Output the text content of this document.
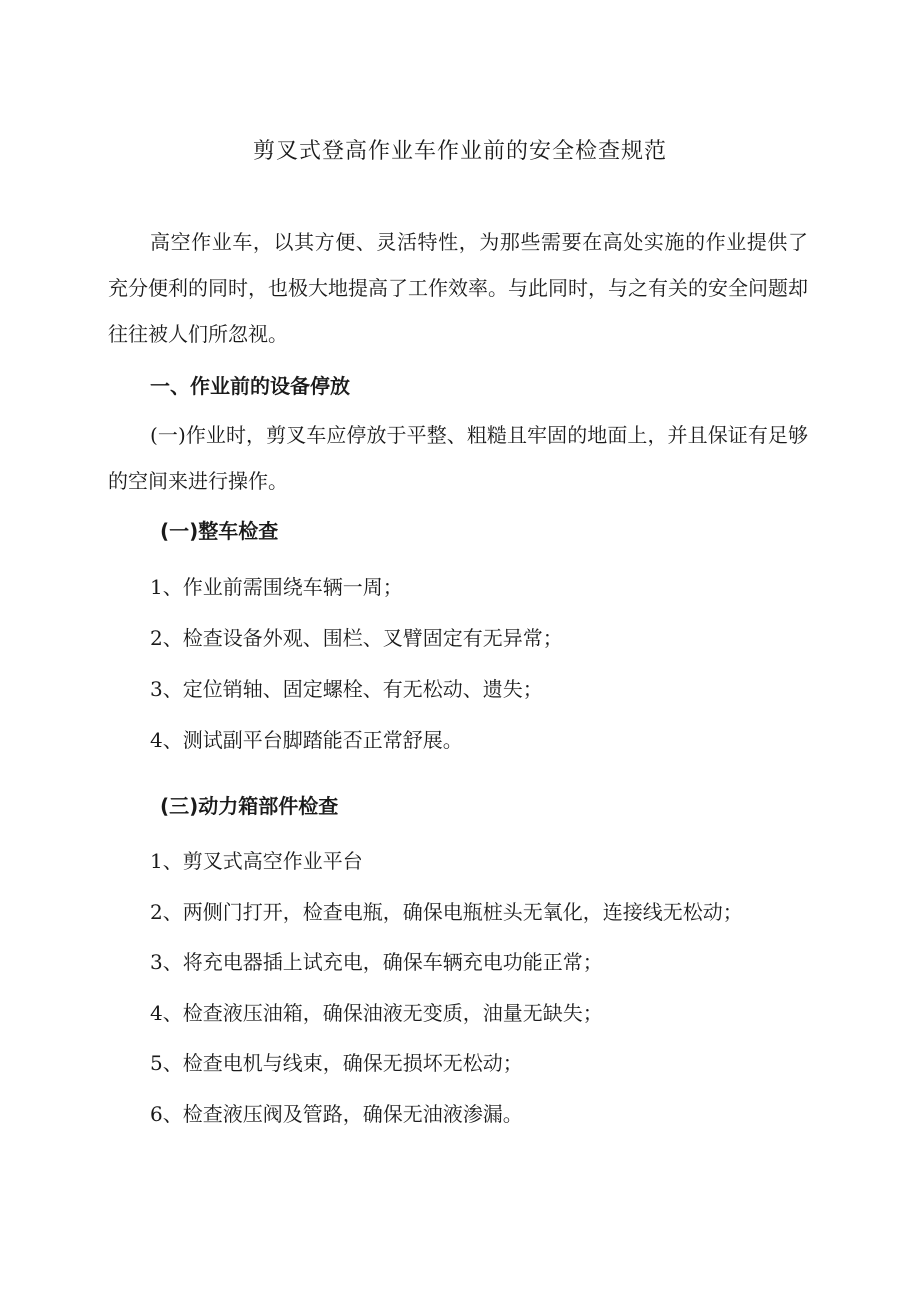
剪叉式登高作业车作业前的安全检查规范

高空作业车，以其方便、灵活特性，为那些需要在高处实施的作业提供了充分便利的同时，也极大地提高了工作效率。与此同时，与之有关的安全问题却往往被人们所忽视。

一、作业前的设备停放

(一)作业时，剪叉车应停放于平整、粗糙且牢固的地面上，并且保证有足够的空间来进行操作。

(一)整车检查

1、作业前需围绕车辆一周；

2、检查设备外观、围栏、叉臂固定有无异常；

3、定位销轴、固定螺栓、有无松动、遗失；

4、测试副平台脚踏能否正常舒展。

(三)动力箱部件检查

1、剪叉式高空作业平台

2、两侧门打开，检查电瓶，确保电瓶桩头无氧化，连接线无松动；

3、将充电器插上试充电，确保车辆充电功能正常；

4、检查液压油箱，确保油液无变质，油量无缺失；

5、检查电机与线束，确保无损坏无松动；

6、检查液压阀及管路，确保无油液渗漏。
